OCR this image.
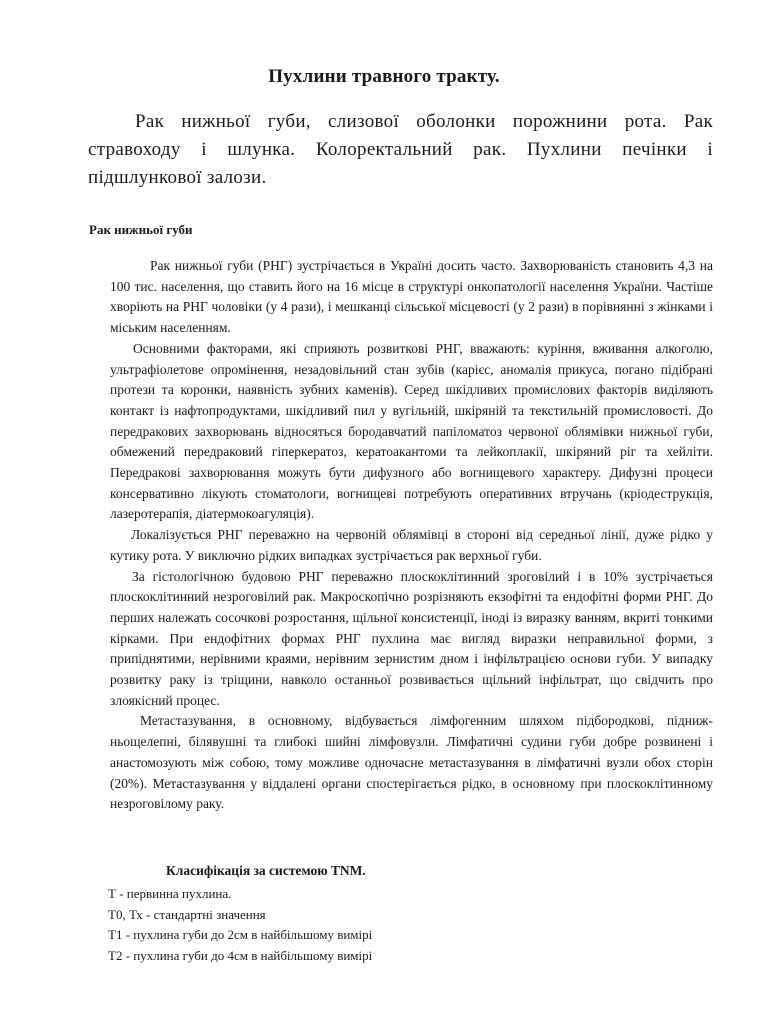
Пухлини травного тракту.
Рак нижньої губи, слизової оболонки порожнини рота. Рак стравоходу і шлунка. Колоректальний рак. Пухлини печінки і підшлункової залози.
Рак нижньої губи

Рак нижньої губи (РНГ) зустрічається в Україні досить часто. Захворюваність становить 4,3 на 100 тис. населення, що ставить його на 16 місце в структурі онкопатології населення України. Частіше хворіють на РНГ чоловіки (у 4 рази), і мешканці сільської місцевості (у 2 рази) в порівнянні з жінками і міським населенням.

Основними факторами, які сприяють розвиткові РНГ, вважають: куріння, вживання алкоголю, ультрафіолетове опромінення, незадовільний стан зубів (карієс, аномалія прикуса, погано підібрані протези та коронки, наявність зубних каменів). Серед шкідливих промислових факторів виділяють контакт із нафтопродуктами, шкідливий пил у вугільній, шкіряній та текстильній промисловості. До передракових захворювань відносяться бородавчатий папіломатоз червоної облямівки нижньої губи, обмежений передраковий гіперкератоз, кератоакантоми та лейкоплакії, шкіряний ріг та хейліти. Передракові захворювання можуть бути дифузного або вогнищевого характеру. Дифузні процеси консервативно лікують стоматологи, вогнищеві потребують оперативних втручань (кріодеструкція, лазеротерапія, діатермокоагуляція).

Локалізується РНГ переважно на червоній облямівці в стороні від середньої лінії, дуже рідко у кутику рота. У виключно рідких випадках зустрічається рак верхньої губи.

За гістологічною будовою РНГ переважно плоскоклітинний зроговілий і в 10% зустрічається плоскоклітинний незроговілий рак. Макроскопічно розрізняють екзофітні та ендофітні форми РНГ. До перших належать сосочкові розростання, щільної консистенції, іноді із виразку ванням, вкриті тонкими кірками. При ендофітних формах РНГ пухлина має вигляд виразки неправильної форми, з припіднятими, нерівними краями, нерівним зернистим дном і інфільтрацією основи губи. У випадку розвитку раку із тріщини, навколо останньої розвивається щільний інфільтрат, що свідчить про злоякісний процес.

Метастазування, в основному, відбувається лімфогенним шляхом підбородкові, піднижньощелепні, білявушні та глибокі шийні лімфовузли. Лімфатичні судини губи добре розвинені і анастомозують між собою, тому можливе одночасне метастазування в лімфатичні вузли обох сторін (20%). Метастазування у віддалені органи спостерігається рідко, в основному при плоскоклітинному незроговілому раку.

Класифікація за системою TNM.
Т - первинна пухлина.
Т0, Тх - стандартні значення
Т1 - пухлина губи до 2см в найбільшому вимірі
Т2 - пухлина губи до 4см в найбільшому вимірі
